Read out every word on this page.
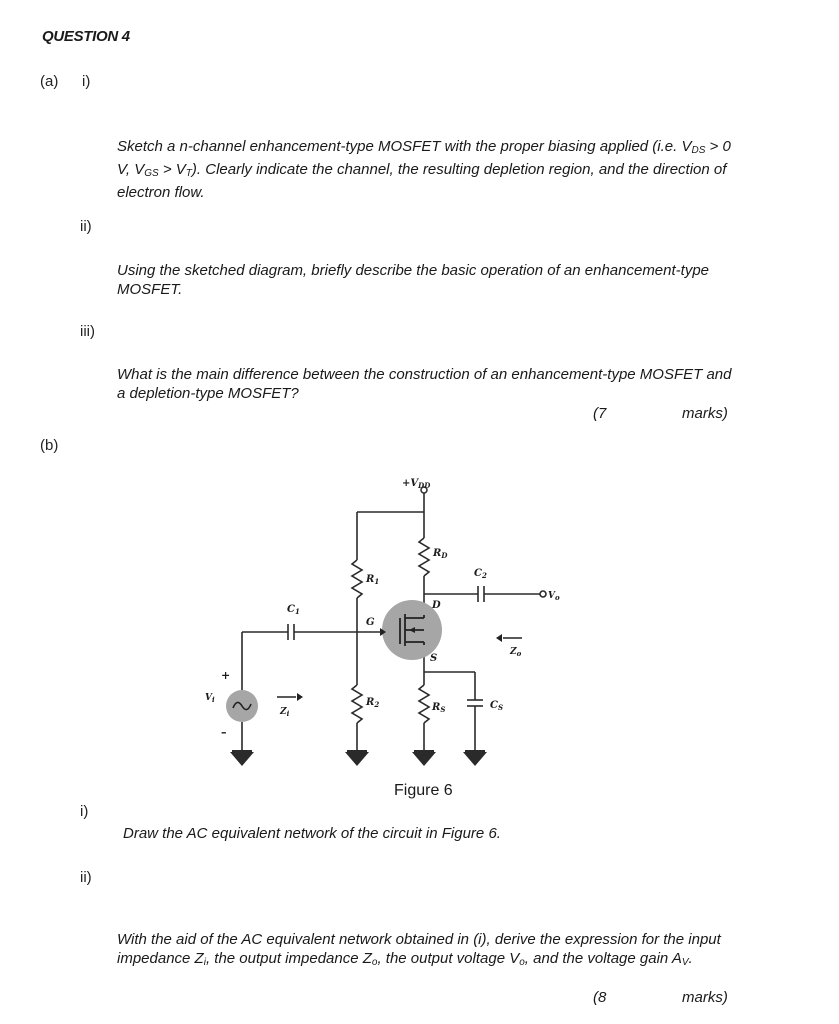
QUESTION 4
(a) i)
Sketch a n-channel enhancement-type MOSFET with the proper biasing applied (i.e. $V_{DS} > 0$ V, $V_{GS} > V_T$). Clearly indicate the channel, the resulting depletion region, and the direction of electron flow.
ii)
Using the sketched diagram, briefly describe the basic operation of an enhancement-type MOSFET.
iii)
What is the main difference between the construction of an enhancement-type MOSFET and a depletion-type MOSFET?
(7	marks)
(b)
$+V_{DD}$
$R_D$
$R_1$
$R_2$	$R_S$
$C_1$
$C_2$
$C_S$
D
G
S
$V_i$
$V_o$
$Z_i$
$Z_o$
+
–
Figure 6
i)
Draw the AC equivalent network of the circuit in Figure 6.
ii)
With the aid of the AC equivalent network obtained in (i), derive the expression for the input impedance $Z_i$, the output impedance $Z_o$, the output voltage $V_o$, and the voltage gain $A_V$.
(8	marks)
